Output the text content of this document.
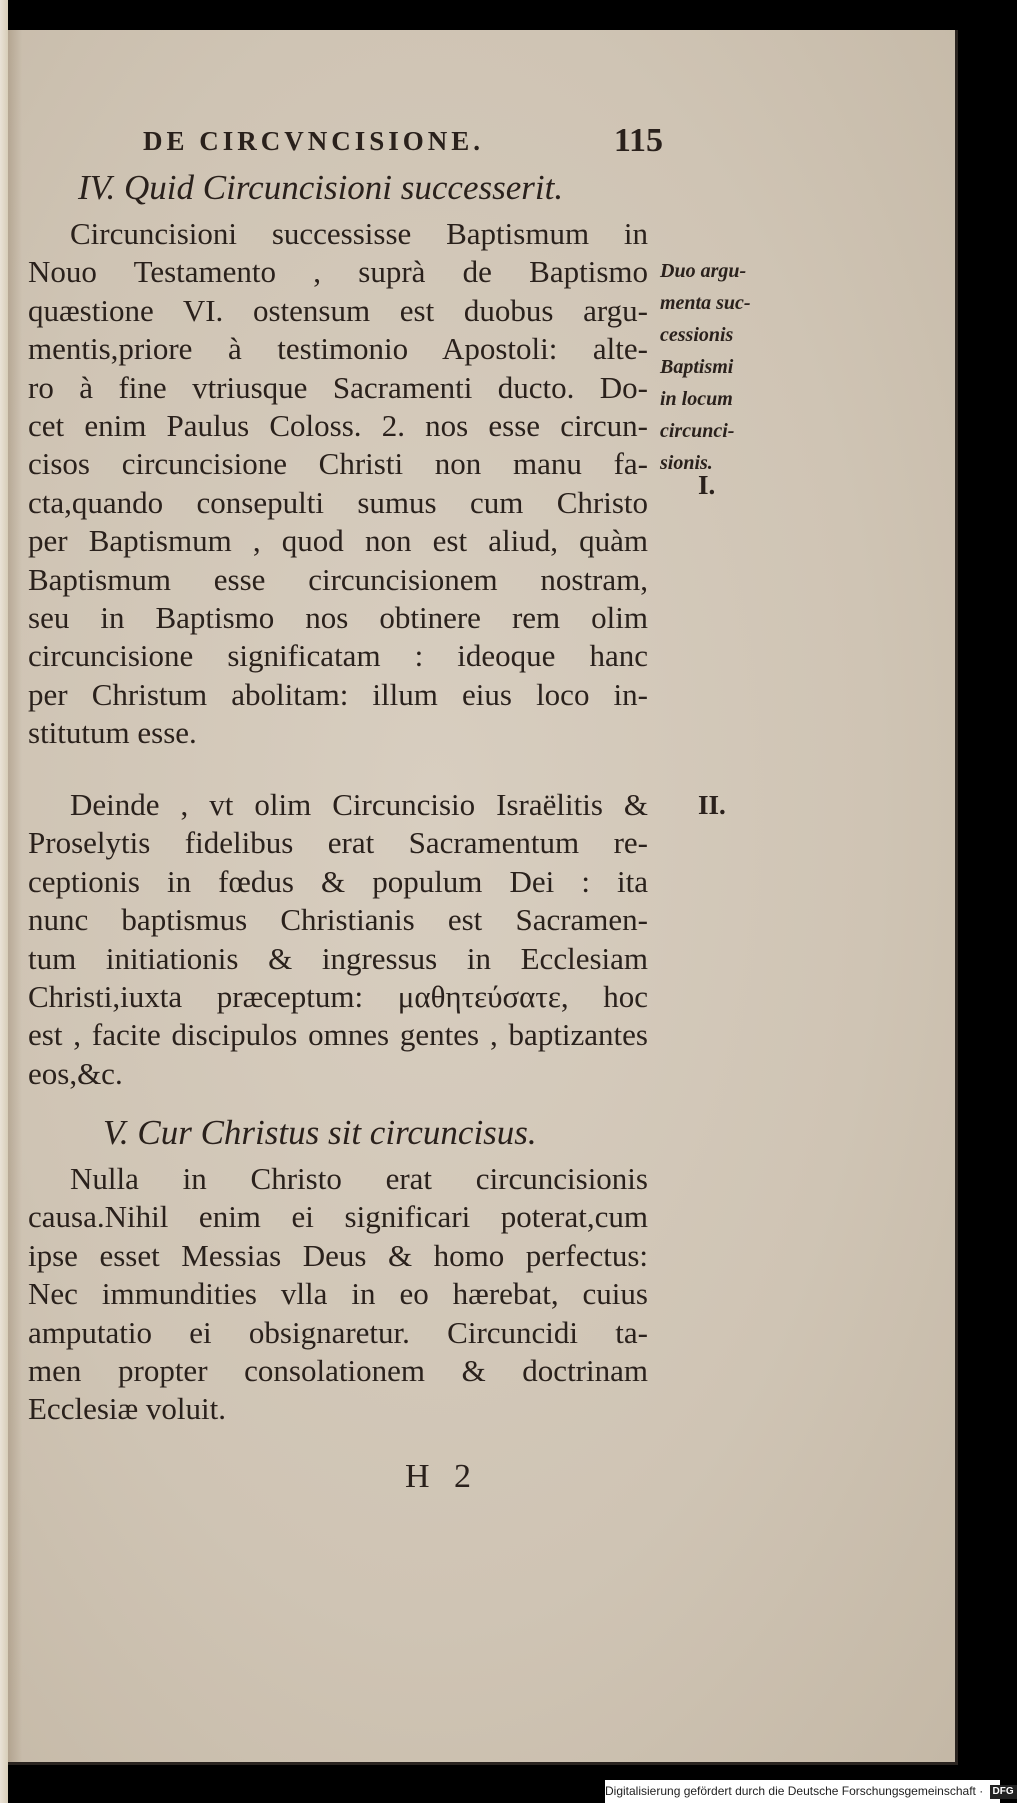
DE CIRCVNCISIONE.	115
IV. Quid Circuncisioni successerit.
Circuncisioni successisse Baptismum in
Nouo Testamento , suprà de Baptismo
quæstione VI. ostensum est duobus argu-
mentis,priore à testimonio Apostoli: alte-
ro à fine vtriusque Sacramenti ducto. Do-
cet enim Paulus Coloss. 2. nos esse circun-
cisos circuncisione Christi non manu fa-
cta,quando consepulti sumus cum Christo
per Baptismum , quod non est aliud, quàm
Baptismum esse circuncisionem nostram,
seu in Baptismo nos obtinere rem olim
circuncisione significatam : ideoque hanc
per Christum abolitam: illum eius loco in-
stitutum esse.
Deinde , vt olim Circuncisio Israëlitis &
Proselytis fidelibus erat Sacramentum re-
ceptionis in fœdus & populum Dei : ita
nunc baptismus Christianis est Sacramen-
tum initiationis & ingressus in Ecclesiam
Christi,iuxta præceptum: μαθητεύσατε, hoc
est , facite discipulos omnes gentes , baptizantes
eos,&c.
V. Cur Christus sit circuncisus.
Nulla in Christo erat circuncisionis
causa.Nihil enim ei significari poterat,cum
ipse esset Messias Deus & homo perfectus:
Nec immundities vlla in eo hærebat, cuius
amputatio ei obsignaretur. Circuncidi ta-
men propter consolationem & doctrinam
Ecclesiæ voluit.
Duo argu-
menta suc-
cessionis
Baptismi
in locum
circunci-
sionis.
I.
II.
H 2
Digitalisierung gefördert durch die Deutsche Forschungsgemeinschaft · DFG
